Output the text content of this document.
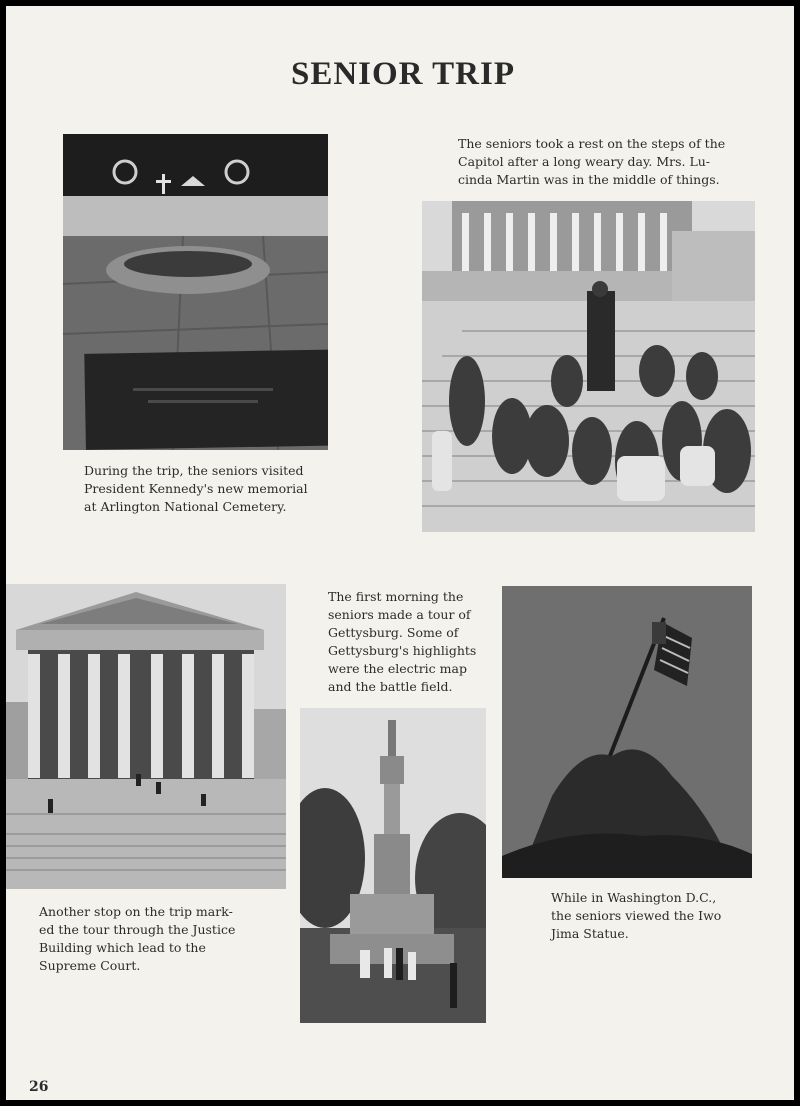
SENIOR TRIP
During the trip, the seniors visited
President Kennedy's new memorial
at Arlington National Cemetery.
The seniors took a rest on the steps of the
Capitol after a long weary day. Mrs. Lu-
cinda Martin was in the middle of things.
The first morning the
seniors made a tour of
Gettysburg. Some of
Gettysburg's highlights
were the electric map
and the battle field.
Another stop on the trip mark-
ed the tour through the Justice
Building which lead to the
Supreme Court.
While in Washington D.C.,
the seniors viewed the Iwo
Jima Statue.
26
